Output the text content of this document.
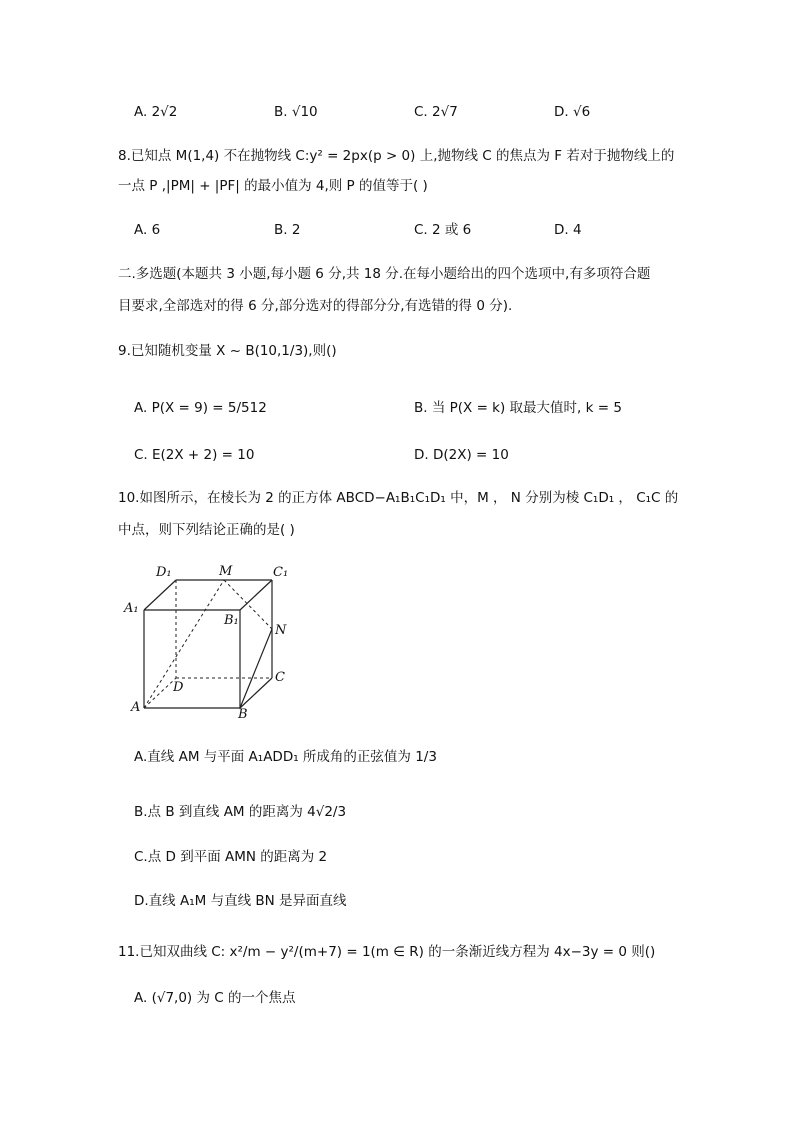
A. 2√2	B. √10	C. 2√7	D. √6
8.已知点 M(1,4) 不在抛物线 C:y² = 2px(p > 0) 上,抛物线 C 的焦点为 F 若对于抛物线上的
一点 P ,|PM| + |PF| 的最小值为 4,则 P 的值等于( )
A. 6	B. 2	C. 2 或 6	D. 4
二.多选题(本题共 3 小题,每小题 6 分,共 18 分.在每小题给出的四个选项中,有多项符合题
目要求,全部选对的得 6 分,部分选对的得部分分,有选错的得 0 分).
9.已知随机变量 X ~ B(10,1/3),则()
A. P(X = 9) = 5/512	B. 当 P(X = k) 取最大值时, k = 5
C. E(2X + 2) = 10	D. D(2X) = 10
10.如图所示，在棱长为 2 的正方体 ABCD−A₁B₁C₁D₁ 中，M ， N 分别为棱 C₁D₁ ， C₁C 的
中点，则下列结论正确的是( )
D₁	M	C₁
A₁
B₁
N
D
C
A	B
A.直线 AM 与平面 A₁ADD₁ 所成角的正弦值为 1/3
B.点 B 到直线 AM 的距离为 4√2/3
C.点 D 到平面 AMN 的距离为 2
D.直线 A₁M 与直线 BN 是异面直线
11.已知双曲线 C: x²/m − y²/(m+7) = 1(m ∈ R) 的一条渐近线方程为 4x−3y = 0 则()
A. (√7,0) 为 C 的一个焦点
